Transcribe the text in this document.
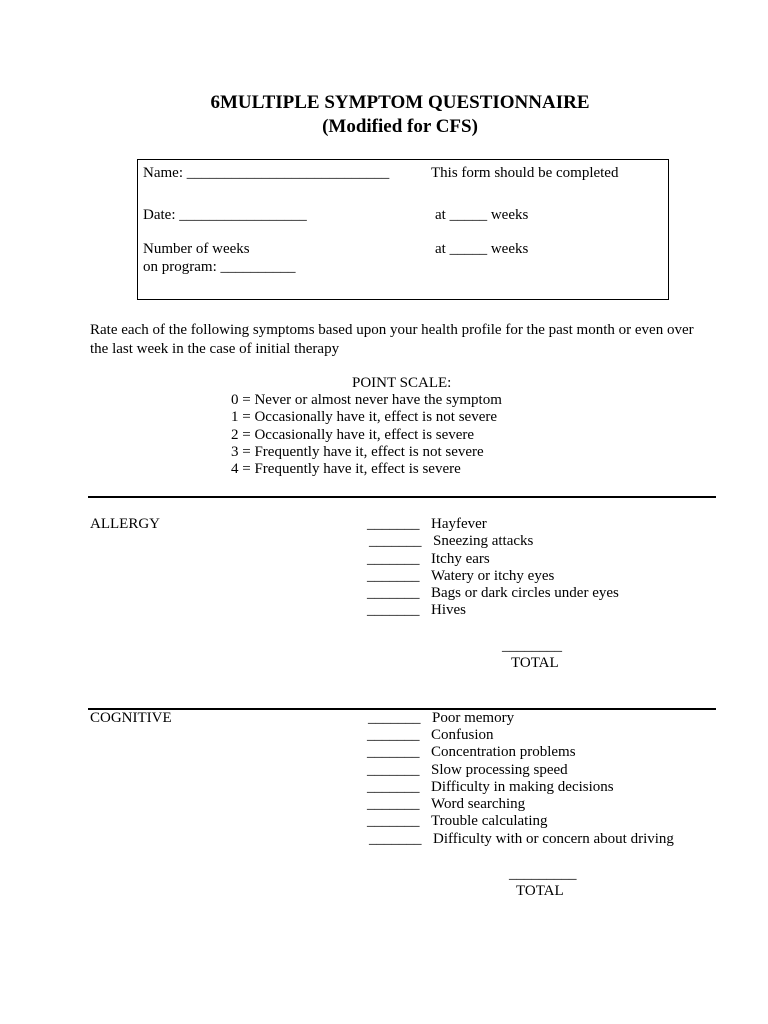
6MULTIPLE SYMPTOM QUESTIONNAIRE
(Modified for CFS)
Name: ___________________________	This form should be completed
Date: _________________	at _____ weeks
Number of weeks	at _____ weeks
on program: __________
Rate each of the following symptoms based upon your health profile for the past month or even over
the last week in the case of initial therapy
POINT SCALE:
0 = Never or almost never have the symptom
1 = Occasionally have it, effect is not severe
2 = Occasionally have it, effect is severe
3 = Frequently have it, effect is not severe
4 = Frequently have it, effect is severe
ALLERGY	_______ Hayfever
_______ Sneezing attacks
_______ Itchy ears
_______ Watery or itchy eyes
_______ Bags or dark circles under eyes
_______ Hives
________
TOTAL
COGNITIVE	_______ Poor memory
_______ Confusion
_______ Concentration problems
_______ Slow processing speed
_______ Difficulty in making decisions
_______ Word searching
_______ Trouble calculating
_______ Difficulty with or concern about driving
_________
TOTAL
